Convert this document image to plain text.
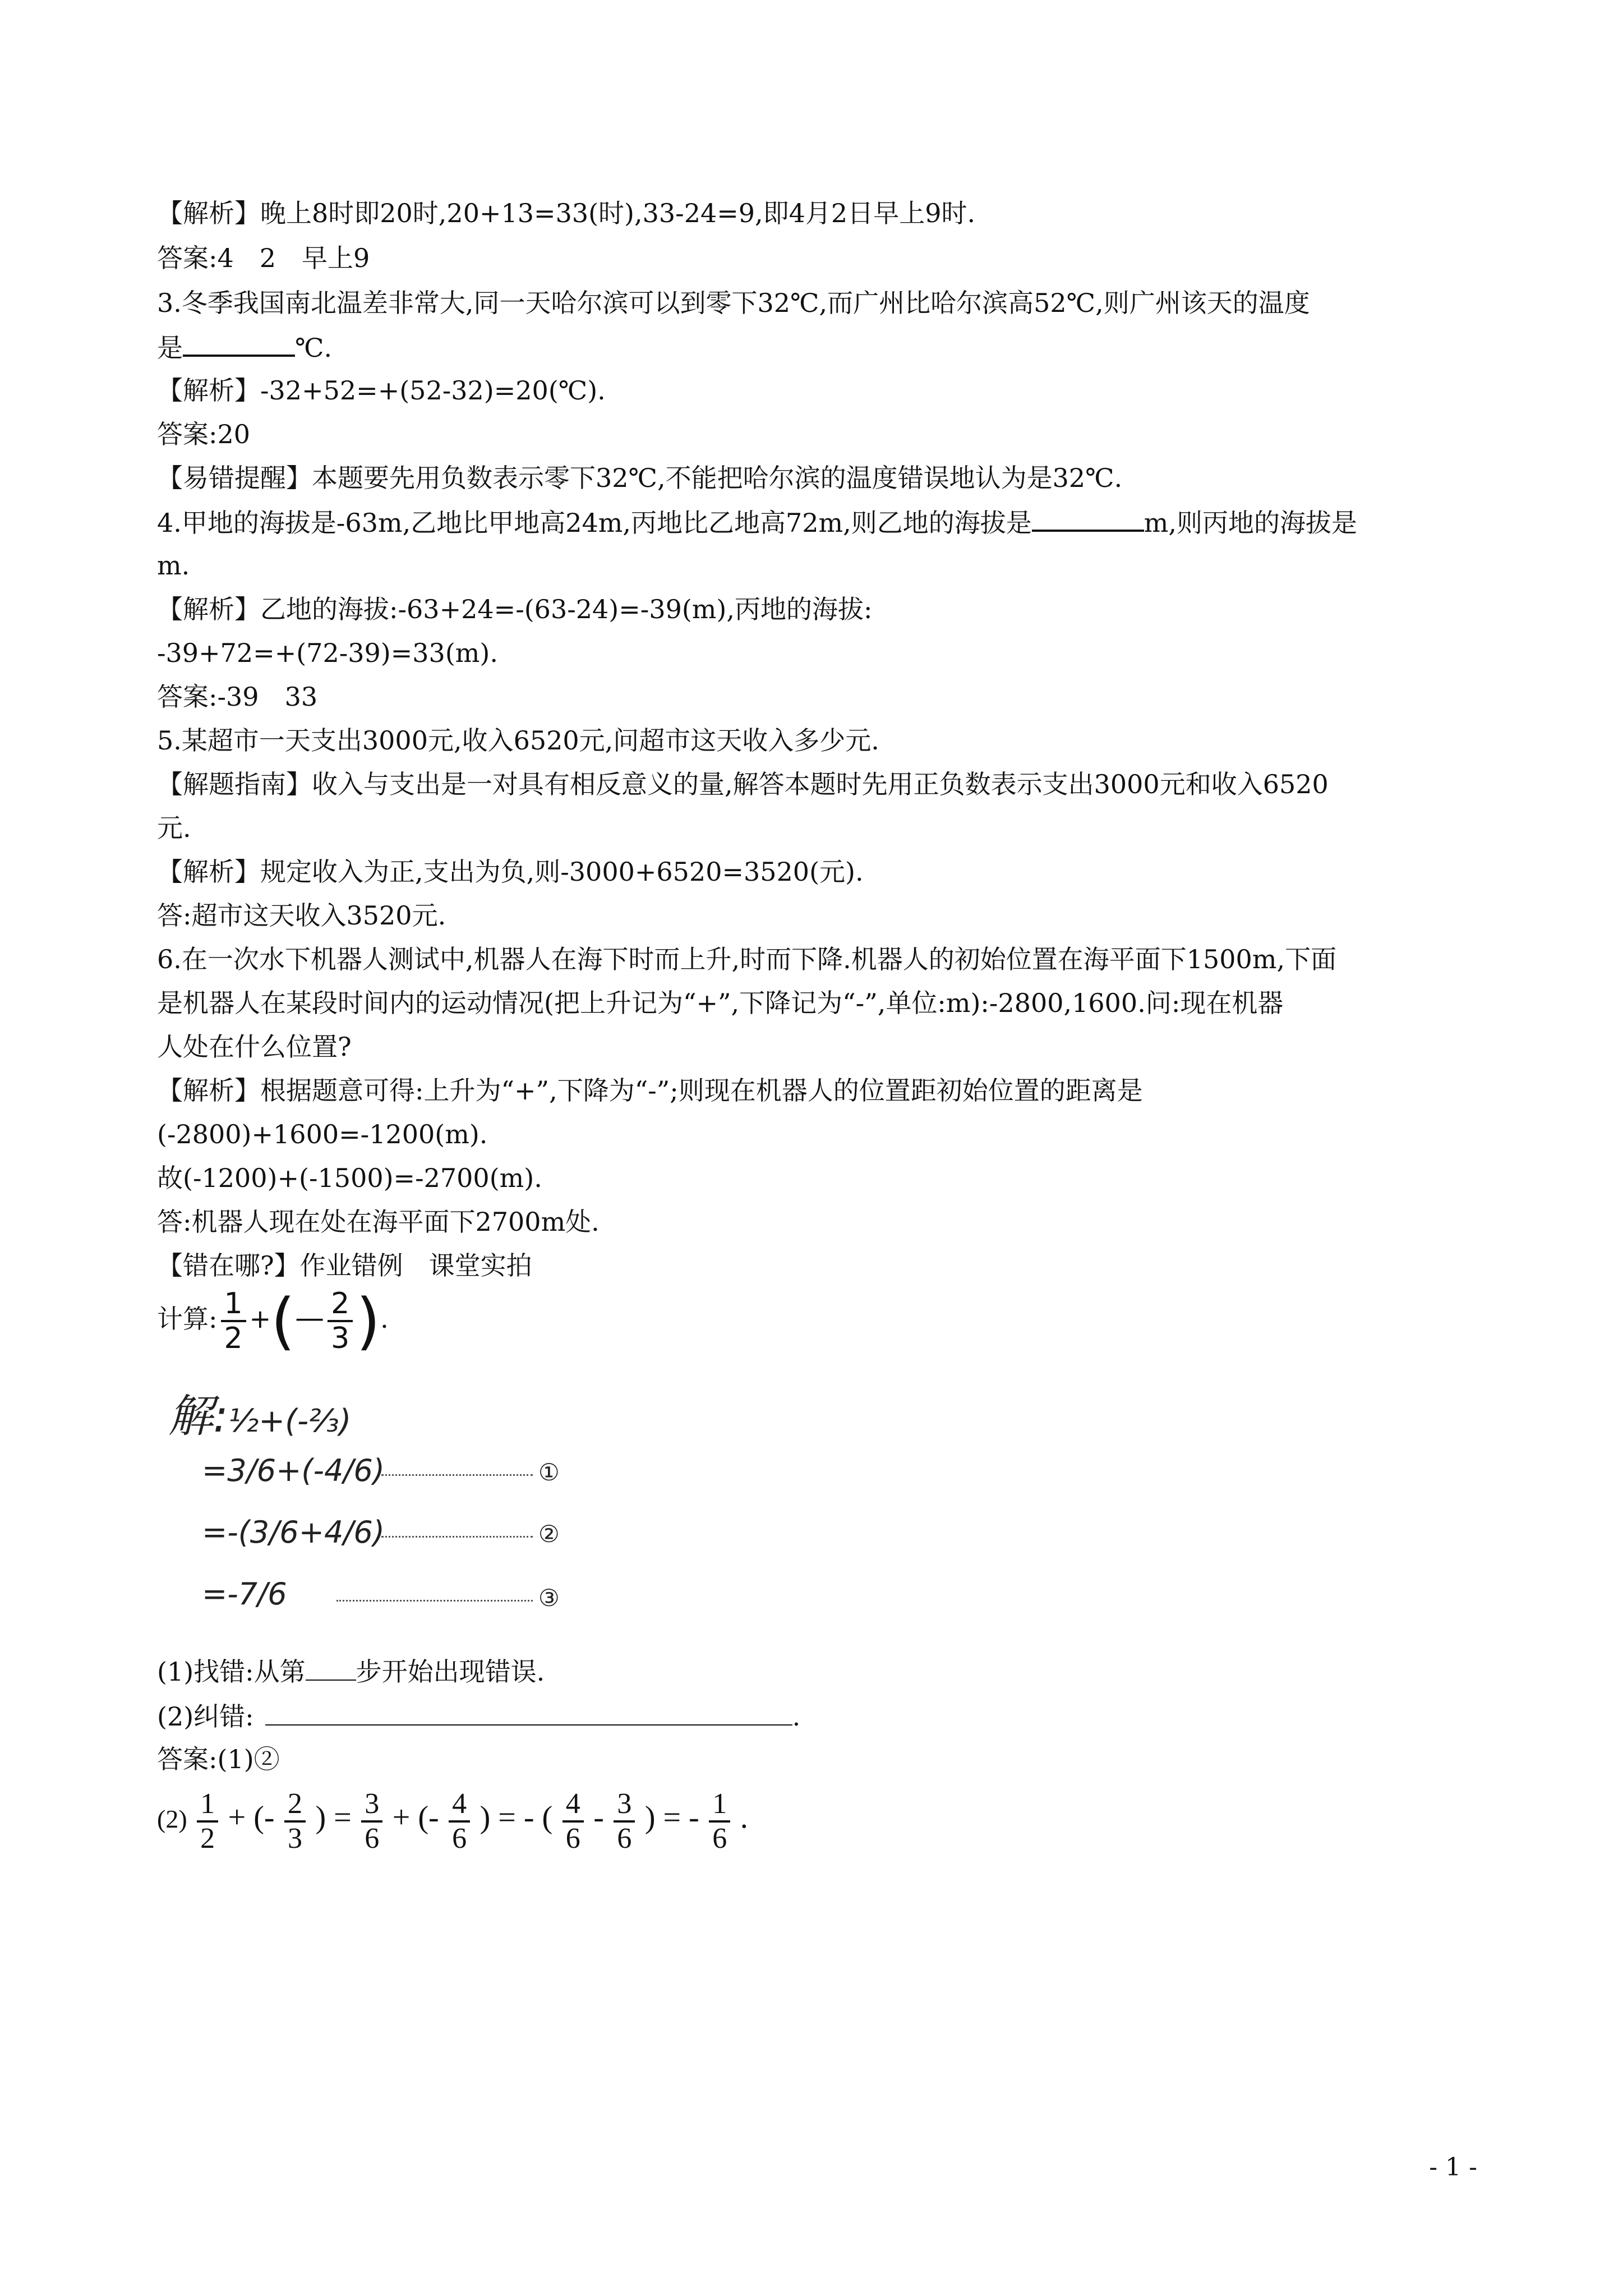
【解析】晚上8时即20时,20+13=33(时),33-24=9,即4月2日早上9时.
答案:4　2　早上9
3.冬季我国南北温差非常大,同一天哈尔滨可以到零下32℃,而广州比哈尔滨高52℃,则广州该天的温度
是	℃.
【解析】-32+52=+(52-32)=20(℃).
答案:20
【易错提醒】本题要先用负数表示零下32℃,不能把哈尔滨的温度错误地认为是32℃.
4.甲地的海拔是-63m,乙地比甲地高24m,丙地比乙地高72m,则乙地的海拔是	m,则丙地的海拔是
m.
【解析】乙地的海拔:-63+24=-(63-24)=-39(m),丙地的海拔:
-39+72=+(72-39)=33(m).
答案:-39　33
5.某超市一天支出3000元,收入6520元,问超市这天收入多少元.
【解题指南】收入与支出是一对具有相反意义的量,解答本题时先用正负数表示支出3000元和收入6520
元.
【解析】规定收入为正,支出为负,则-3000+6520=3520(元).
答:超市这天收入3520元.
6.在一次水下机器人测试中,机器人在海下时而上升,时而下降.机器人的初始位置在海平面下1500m,下面
是机器人在某段时间内的运动情况(把上升记为“+”,下降记为“-”,单位:m):-2800,1600.问:现在机器
人处在什么位置?
【解析】根据题意可得:上升为“+”,下降为“-”;则现在机器人的位置距初始位置的距离是
(-2800)+1600=-1200(m).
故(-1200)+(-1500)=-2700(m).
答:机器人现在处在海平面下2700m处.
【错在哪?】作业错例　课堂实拍
计算: $\frac{1}{2}$ +(— $\frac{2}{3}$ ).
解:½+(-⅔)
=3/6+(-4/6)	①
=-(3/6+4/6)	②
=-7/6	③
(1)找错:从第 步开始出现错误.
(2)纠错:	.
答案:(1)②
$(2) \frac{1}{2}$ + (- $\frac{2}{3}$ ) = $\frac{3}{6}$ + (- $\frac{4}{6}$ ) = - ( $\frac{4}{6} - \frac{3}{6}$ ) = - $\frac{1}{6}$ .
- 1 -
